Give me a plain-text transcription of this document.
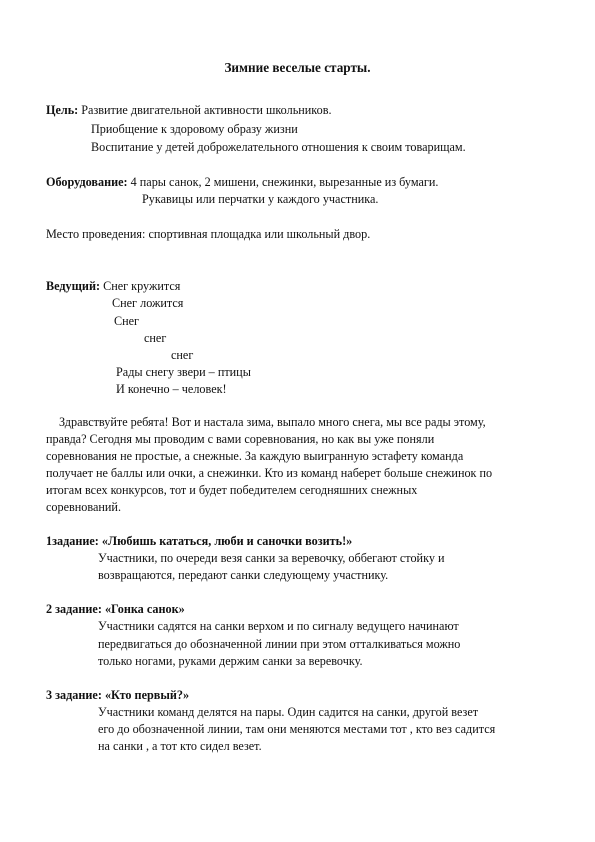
Зимние веселые старты.
Цель: Развитие двигательной активности школьников.
Приобщение к здоровому образу жизни
Воспитание у детей доброжелательного отношения к своим товарищам.
Оборудование: 4 пары санок, 2 мишени, снежинки, вырезанные из бумаги.
Рукавицы или перчатки у каждого участника.
Место проведения: спортивная площадка или школьный двор.
Ведущий: Снег кружится
Снег ложится
Снег
снег
снег
Рады снегу звери – птицы
И конечно – человек!
Здравствуйте ребята! Вот и настала зима, выпало много снега, мы все рады этому,
правда? Сегодня мы проводим с вами соревнования, но как вы уже поняли
соревнования не простые, а снежные. За каждую выигранную эстафету команда
получает не баллы или очки, а снежинки. Кто из команд наберет больше снежинок по
итогам всех конкурсов, тот и будет победителем сегодняшних снежных
соревнований.
1задание: «Любишь кататься, люби и саночки возить!»
Участники, по очереди везя санки за веревочку, оббегают стойку и
возвращаются, передают санки следующему участнику.
2 задание: «Гонка санок»
Участники садятся на санки верхом и по сигналу ведущего начинают
передвигаться до обозначенной линии при этом отталкиваться можно
только ногами, руками держим санки за веревочку.
3 задание: «Кто первый?»
Участники команд делятся на пары. Один садится на санки, другой везет
его до обозначенной линии, там они меняются местами тот , кто вез садится
на санки , а тот кто сидел везет.
